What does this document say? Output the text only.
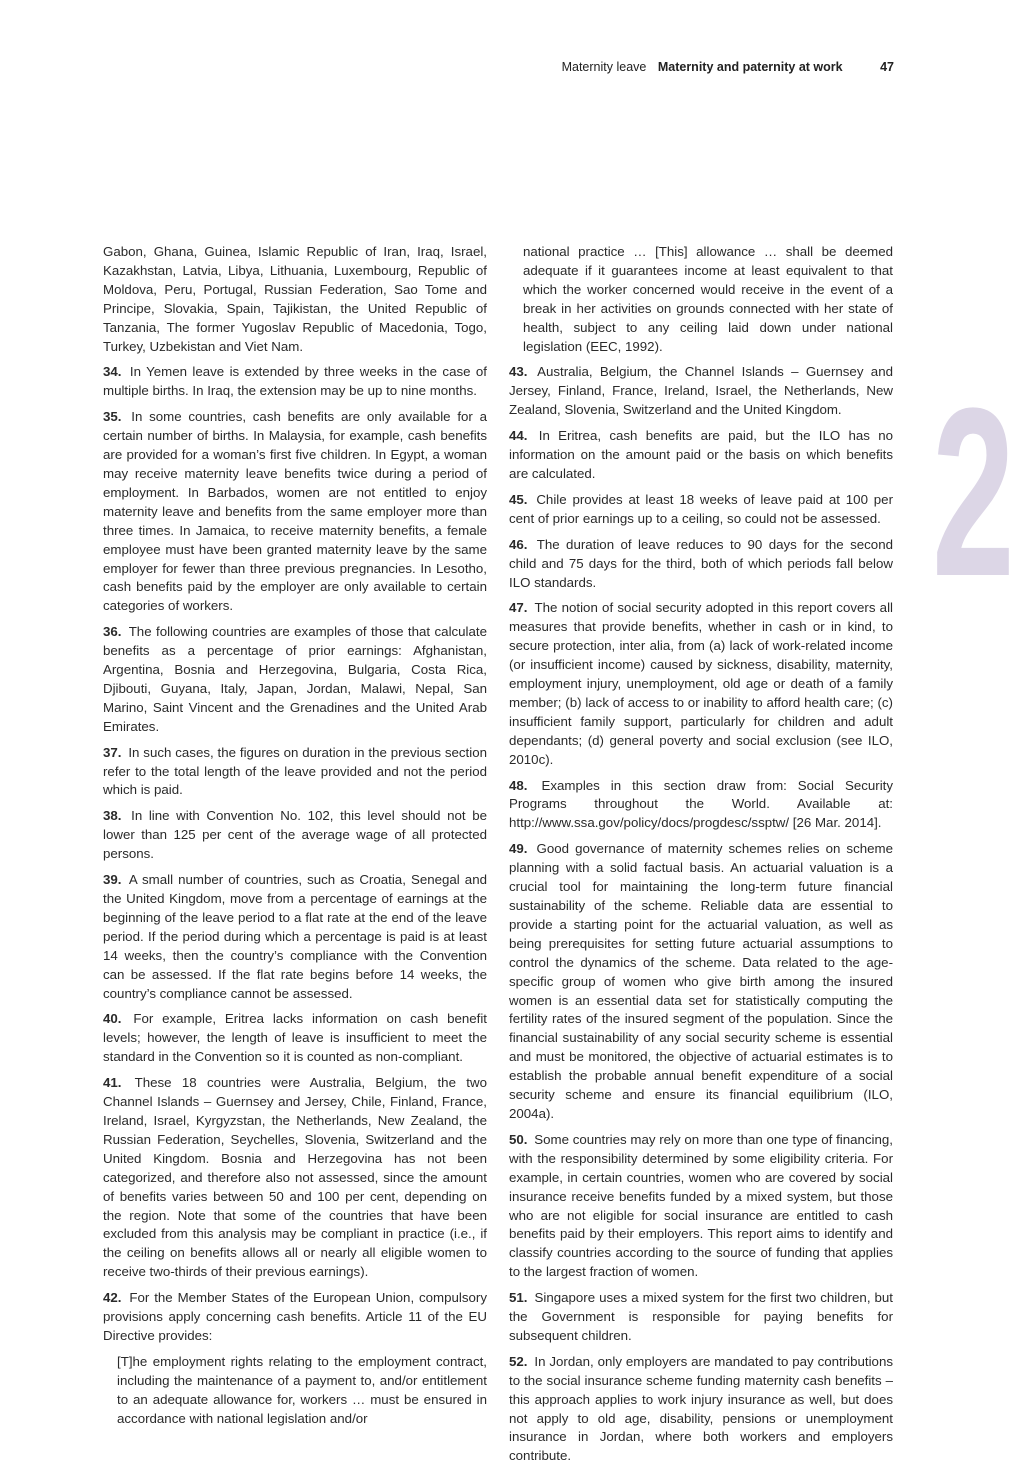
Maternity leave Maternity and paternity at work	47
2

Gabon, Ghana, Guinea, Islamic Republic of Iran, Iraq, Israel, Kazakhstan, Latvia, Libya, Lithuania, Luxembourg, Republic of Moldova, Peru, Portugal, Russian Federation, Sao Tome and Principe, Slovakia, Spain, Tajikistan, the United Republic of Tanzania, The former Yugoslav Republic of Macedonia, Togo, Turkey, Uzbekistan and Viet Nam.

34. In Yemen leave is extended by three weeks in the case of multiple births. In Iraq, the extension may be up to nine months.

35. In some countries, cash benefits are only available for a certain number of births. In Malaysia, for example, cash benefits are provided for a woman’s first five children. In Egypt, a woman may receive maternity leave benefits twice during a period of employment. In Barbados, women are not entitled to enjoy maternity leave and benefits from the same employer more than three times. In Jamaica, to receive maternity benefits, a female employee must have been granted maternity leave by the same employer for fewer than three previous pregnancies. In Lesotho, cash benefits paid by the employer are only available to certain categories of workers.

36. The following countries are examples of those that calculate benefits as a percentage of prior earnings: Afghanistan, Argentina, Bosnia and Herzegovina, Bulgaria, Costa Rica, Djibouti, Guyana, Italy, Japan, Jordan, Malawi, Nepal, San Marino, Saint Vincent and the Grenadines and the United Arab Emirates.

37. In such cases, the figures on duration in the previous section refer to the total length of the leave provided and not the period which is paid.

38. In line with Convention No. 102, this level should not be lower than 125 per cent of the average wage of all protected persons.

39. A small number of countries, such as Croatia, Senegal and the United Kingdom, move from a percentage of earnings at the beginning of the leave period to a flat rate at the end of the leave period. If the period during which a percentage is paid is at least 14 weeks, then the country’s compliance with the Convention can be assessed. If the flat rate begins before 14 weeks, the country’s compliance cannot be assessed.

40. For example, Eritrea lacks information on cash benefit levels; however, the length of leave is insufficient to meet the standard in the Convention so it is counted as non-compliant.

41. These 18 countries were Australia, Belgium, the two Channel Islands – Guernsey and Jersey, Chile, Finland, France, Ireland, Israel, Kyrgyzstan, the Netherlands, New Zealand, the Russian Federation, Seychelles, Slovenia, Switzerland and the United Kingdom. Bosnia and Herzegovina has not been categorized, and therefore also not assessed, since the amount of benefits varies between 50 and 100 per cent, depending on the region. Note that some of the countries that have been excluded from this analysis may be compliant in practice (i.e., if the ceiling on benefits allows all or nearly all eligible women to receive two-thirds of their previous earnings).

42. For the Member States of the European Union, compulsory provisions apply concerning cash benefits. Article 11 of the EU Directive provides:

[T]he employment rights relating to the employment contract, including the maintenance of a payment to, and/or entitlement to an adequate allowance for, workers … must be ensured in accordance with national legislation and/or

national practice … [This] allowance … shall be deemed adequate if it guarantees income at least equivalent to that which the worker concerned would receive in the event of a break in her activities on grounds connected with her state of health, subject to any ceiling laid down under national legislation (EEC, 1992).

43. Australia, Belgium, the Channel Islands – Guernsey and Jersey, Finland, France, Ireland, Israel, the Netherlands, New Zealand, Slovenia, Switzerland and the United Kingdom.

44. In Eritrea, cash benefits are paid, but the ILO has no information on the amount paid or the basis on which benefits are calculated.

45. Chile provides at least 18 weeks of leave paid at 100 per cent of prior earnings up to a ceiling, so could not be assessed.

46. The duration of leave reduces to 90 days for the second child and 75 days for the third, both of which periods fall below ILO standards.

47. The notion of social security adopted in this report covers all measures that provide benefits, whether in cash or in kind, to secure protection, inter alia, from (a) lack of work-related income (or insufficient income) caused by sickness, disability, maternity, employment injury, unemployment, old age or death of a family member; (b) lack of access to or inability to afford health care; (c) insufficient family support, particularly for children and adult dependants; (d) general poverty and social exclusion (see ILO, 2010c).

48. Examples in this section draw from: Social Security Programs throughout the World. Available at: http://www.ssa.gov/policy/docs/progdesc/ssptw/ [26 Mar. 2014].

49. Good governance of maternity schemes relies on scheme planning with a solid factual basis. An actuarial valuation is a crucial tool for maintaining the long-term future financial sustainability of the scheme. Reliable data are essential to provide a starting point for the actuarial valuation, as well as being prerequisites for setting future actuarial assumptions to control the dynamics of the scheme. Data related to the age-specific group of women who give birth among the insured women is an essential data set for statistically computing the fertility rates of the insured segment of the population. Since the financial sustainability of any social security scheme is essential and must be monitored, the objective of actuarial estimates is to establish the probable annual benefit expenditure of a social security scheme and ensure its financial equilibrium (ILO, 2004a).

50. Some countries may rely on more than one type of financing, with the responsibility determined by some eligibility criteria. For example, in certain countries, women who are covered by social insurance receive benefits funded by a mixed system, but those who are not eligible for social insurance are entitled to cash benefits paid by their employers. This report aims to identify and classify countries according to the source of funding that applies to the largest fraction of women.

51. Singapore uses a mixed system for the first two children, but the Government is responsible for paying benefits for subsequent children.

52. In Jordan, only employers are mandated to pay contributions to the social insurance scheme funding maternity cash benefits – this approach applies to work injury insurance as well, but does not apply to old age, disability, pensions or unemployment insurance in Jordan, where both workers and employers contribute.
